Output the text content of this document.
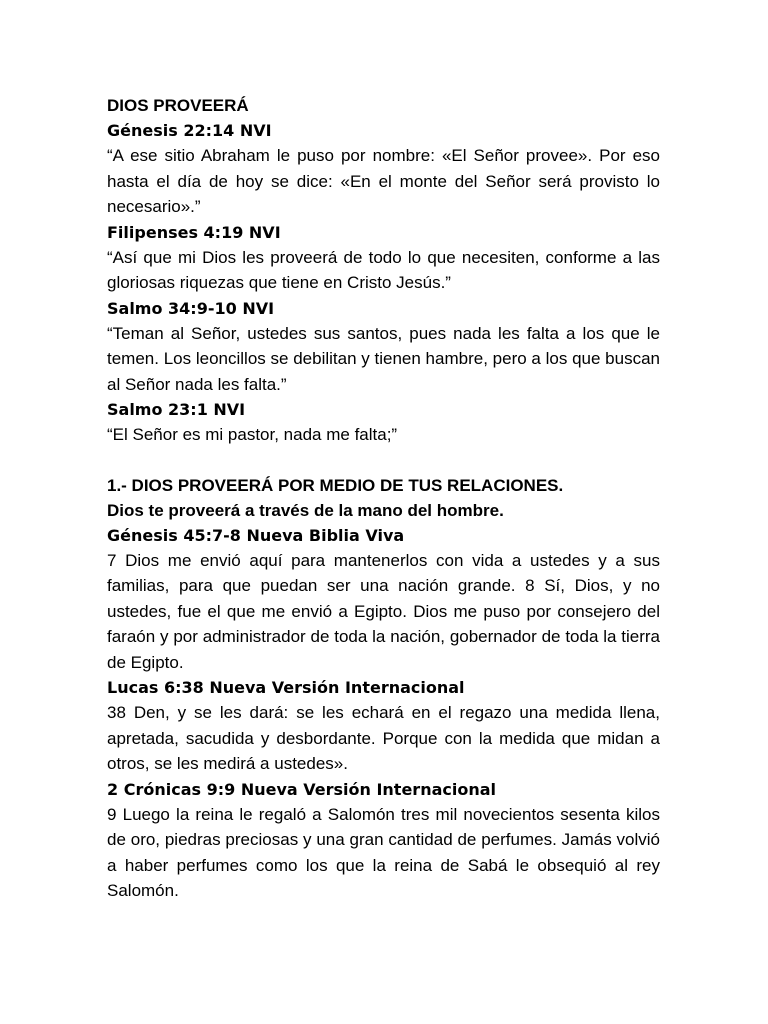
DIOS PROVEERÁ

Génesis 22:14 NVI

“A ese sitio Abraham le puso por nombre: «El Señor provee». Por eso hasta el día de hoy se dice: «En el monte del Señor será provisto lo necesario».”

Filipenses 4:19 NVI

“Así que mi Dios les proveerá de todo lo que necesiten, conforme a las gloriosas riquezas que tiene en Cristo Jesús.”

Salmo 34:9-10 NVI

“Teman al Señor, ustedes sus santos, pues nada les falta a los que le temen. Los leoncillos se debilitan y tienen hambre, pero a los que buscan al Señor nada les falta.”

Salmo 23:1 NVI

“El Señor es mi pastor, nada me falta;”

1.- DIOS PROVEERÁ POR MEDIO DE TUS RELACIONES.

Dios te proveerá a través de la mano del hombre.

Génesis 45:7-8 Nueva Biblia Viva

7 Dios me envió aquí para mantenerlos con vida a ustedes y a sus familias, para que puedan ser una nación grande. 8 Sí, Dios, y no ustedes, fue el que me envió a Egipto. Dios me puso por consejero del faraón y por administrador de toda la nación, gobernador de toda la tierra de Egipto.

Lucas 6:38 Nueva Versión Internacional

38 Den, y se les dará: se les echará en el regazo una medida llena, apretada, sacudida y desbordante. Porque con la medida que midan a otros, se les medirá a ustedes».

2 Crónicas 9:9 Nueva Versión Internacional

9 Luego la reina le regaló a Salomón tres mil novecientos sesenta kilos de oro, piedras preciosas y una gran cantidad de perfumes. Jamás volvió a haber perfumes como los que la reina de Sabá le obsequió al rey Salomón.
